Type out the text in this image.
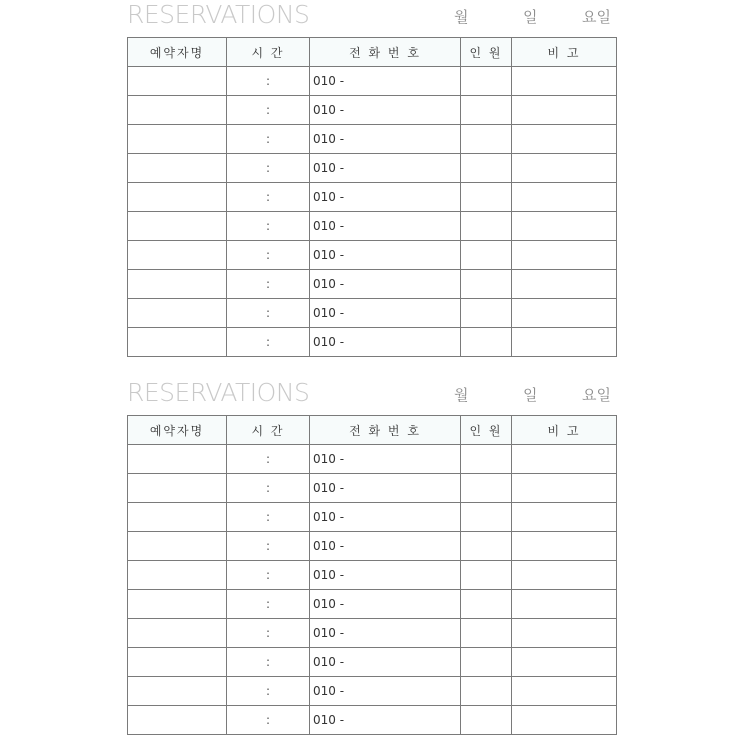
RESERVATIONS	월	일	요일
예약자명	시 간	전 화 번 호	인 원	비 고
	:	010 -		
	:	010 -		
	:	010 -		
	:	010 -		
	:	010 -		
	:	010 -		
	:	010 -		
	:	010 -		
	:	010 -		
	:	010 -		
RESERVATIONS	월	일	요일
예약자명	시 간	전 화 번 호	인 원	비 고
	:	010 -		
	:	010 -		
	:	010 -		
	:	010 -		
	:	010 -		
	:	010 -		
	:	010 -		
	:	010 -		
	:	010 -		
	:	010 -		
